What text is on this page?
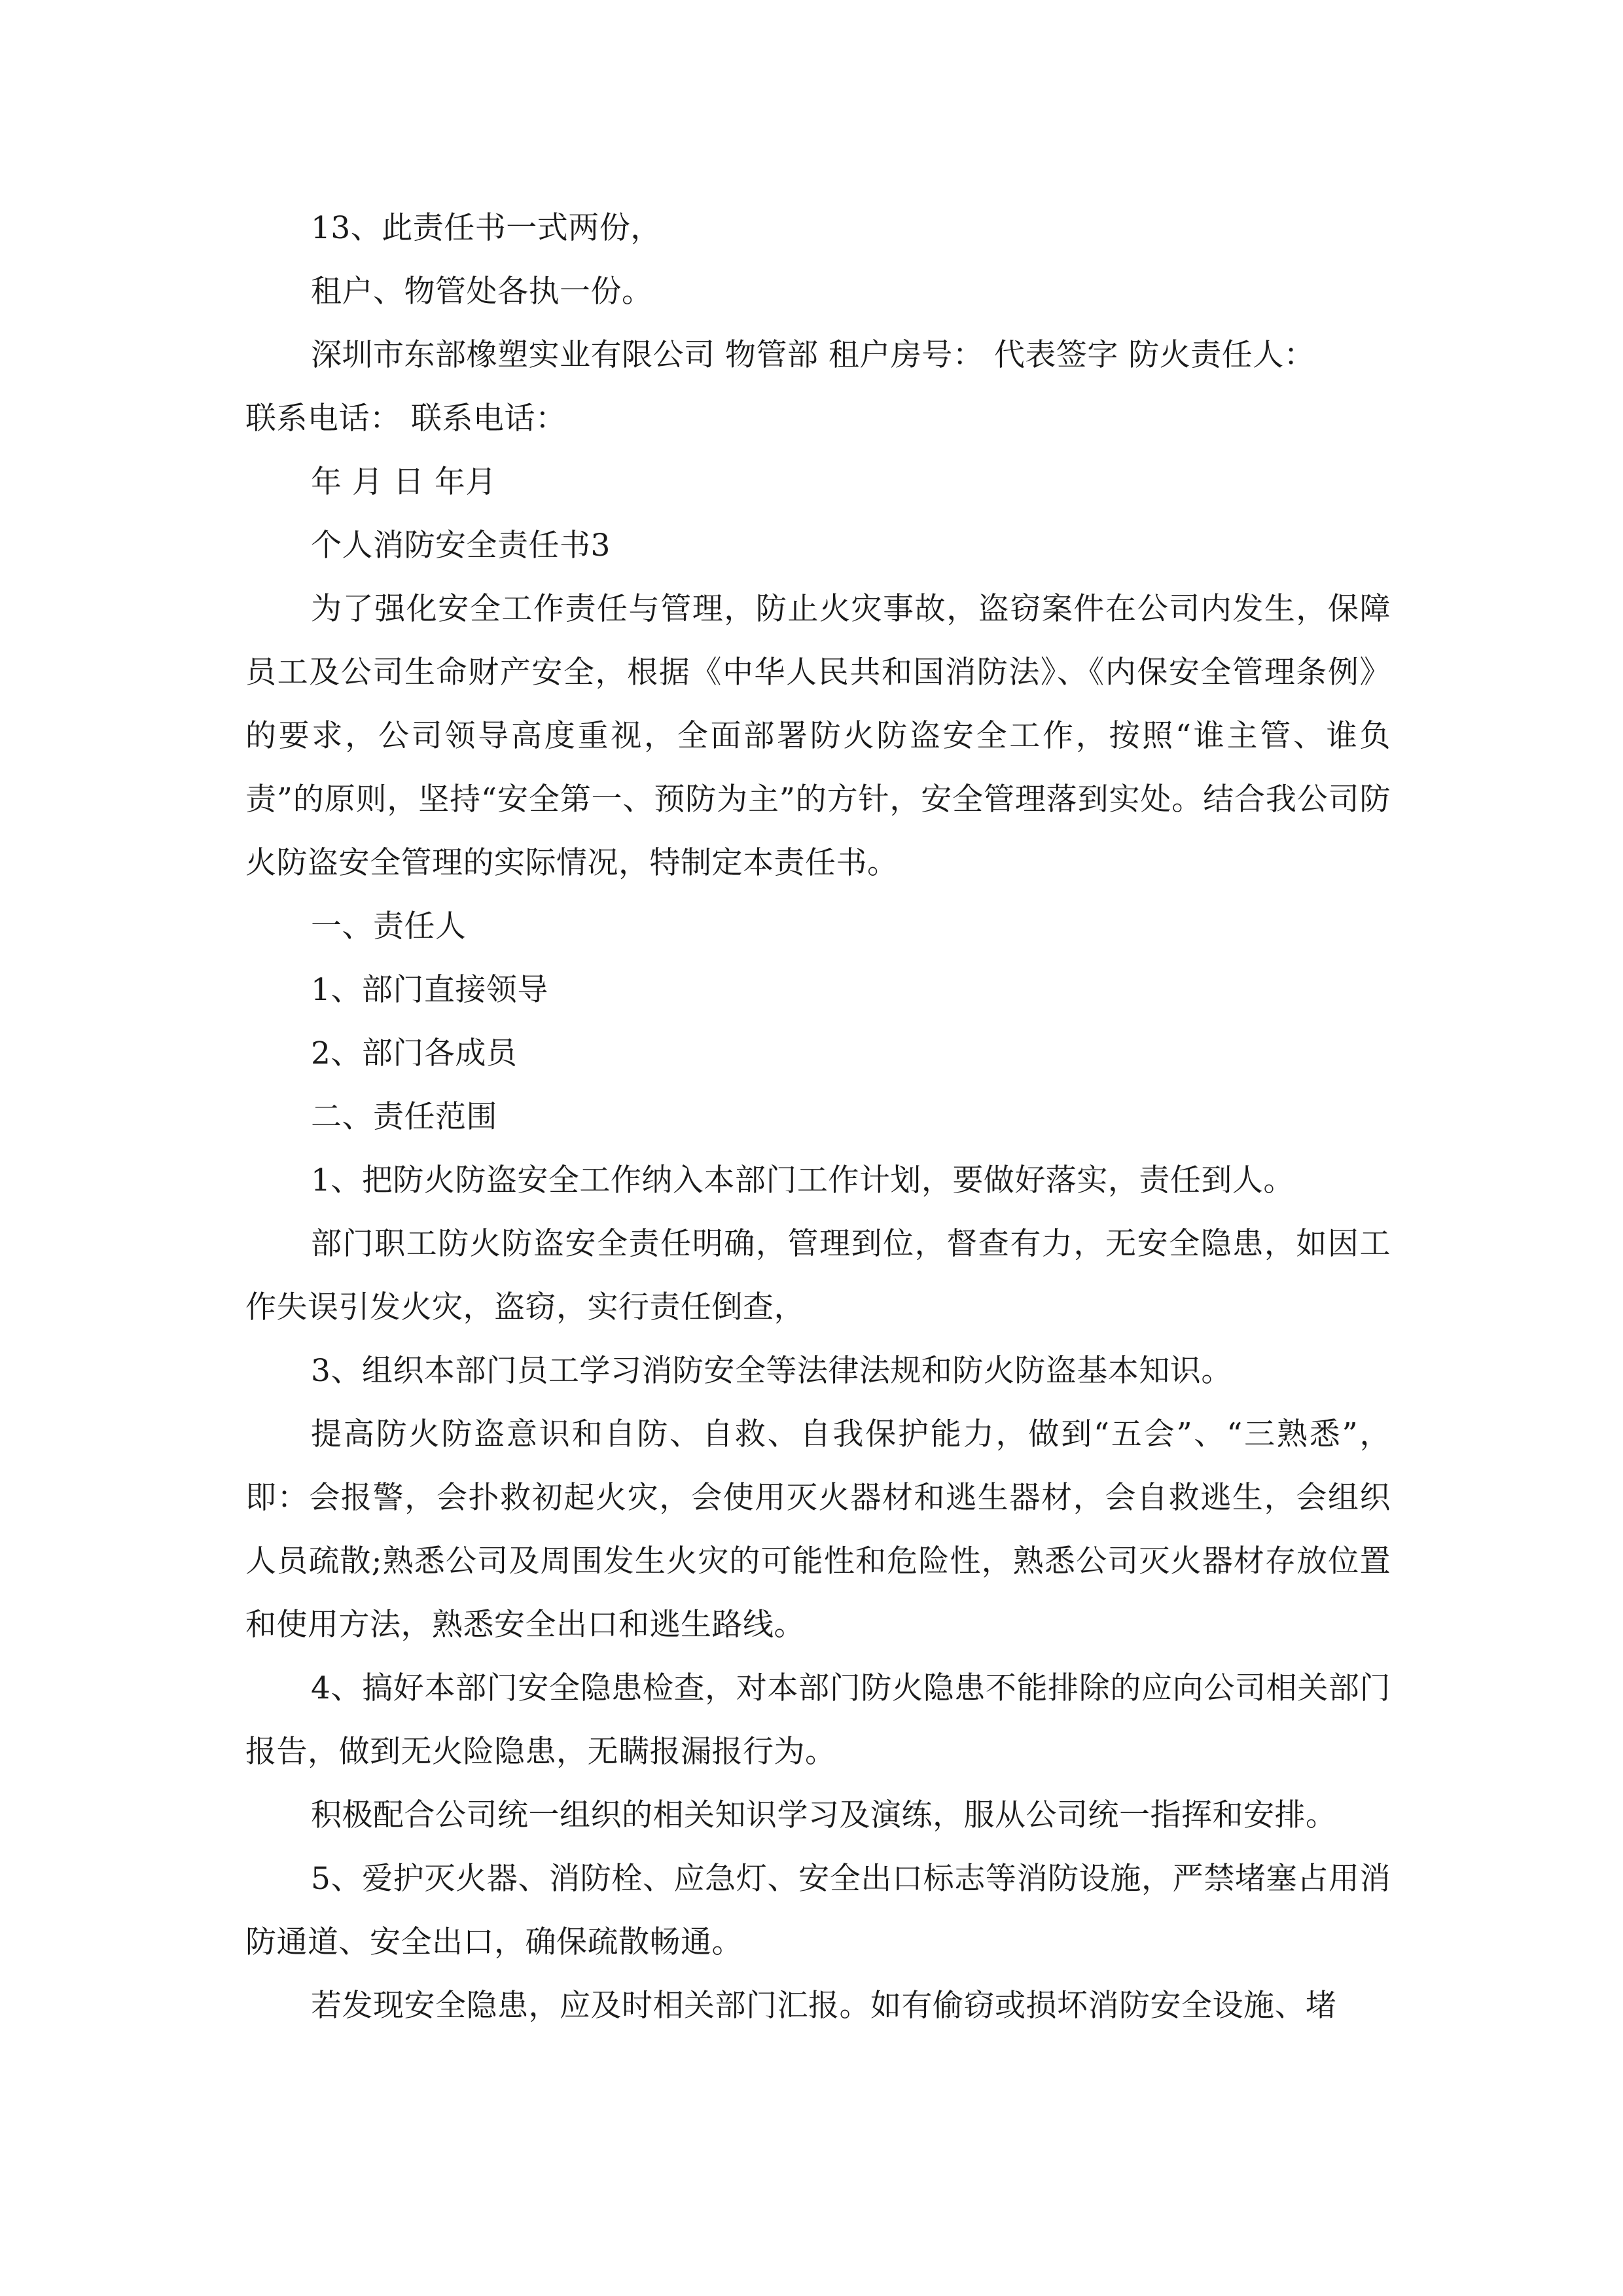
13、此责任书一式两份，

租户、物管处各执一份。

深圳市东部橡塑实业有限公司 物管部 租户房号： 代表签字 防火责任人：

联系电话： 联系电话：

年 月 日 年月

个人消防安全责任书3

为了强化安全工作责任与管理，防止火灾事故，盗窃案件在公司内发生，保障员工及公司生命财产安全，根据《中华人民共和国消防法》、《内保安全管理条例》的要求，公司领导高度重视，全面部署防火防盗安全工作，按照“谁主管、谁负责”的原则，坚持“安全第一、预防为主”的方针，安全管理落到实处。结合我公司防火防盗安全管理的实际情况，特制定本责任书。

一、责任人

1、部门直接领导

2、部门各成员

二、责任范围

1、把防火防盗安全工作纳入本部门工作计划，要做好落实，责任到人。

部门职工防火防盗安全责任明确，管理到位，督查有力，无安全隐患，如因工作失误引发火灾，盗窃，实行责任倒查，

3、组织本部门员工学习消防安全等法律法规和防火防盗基本知识。

提高防火防盗意识和自防、自救、自我保护能力，做到“五会”、“三熟悉”，即：会报警，会扑救初起火灾，会使用灭火器材和逃生器材，会自救逃生，会组织人员疏散;熟悉公司及周围发生火灾的可能性和危险性，熟悉公司灭火器材存放位置和使用方法，熟悉安全出口和逃生路线。

4、搞好本部门安全隐患检查，对本部门防火隐患不能排除的应向公司相关部门报告，做到无火险隐患，无瞒报漏报行为。

积极配合公司统一组织的相关知识学习及演练，服从公司统一指挥和安排。

5、爱护灭火器、消防栓、应急灯、安全出口标志等消防设施，严禁堵塞占用消防通道、安全出口，确保疏散畅通。

若发现安全隐患，应及时相关部门汇报。如有偷窃或损坏消防安全设施、堵
